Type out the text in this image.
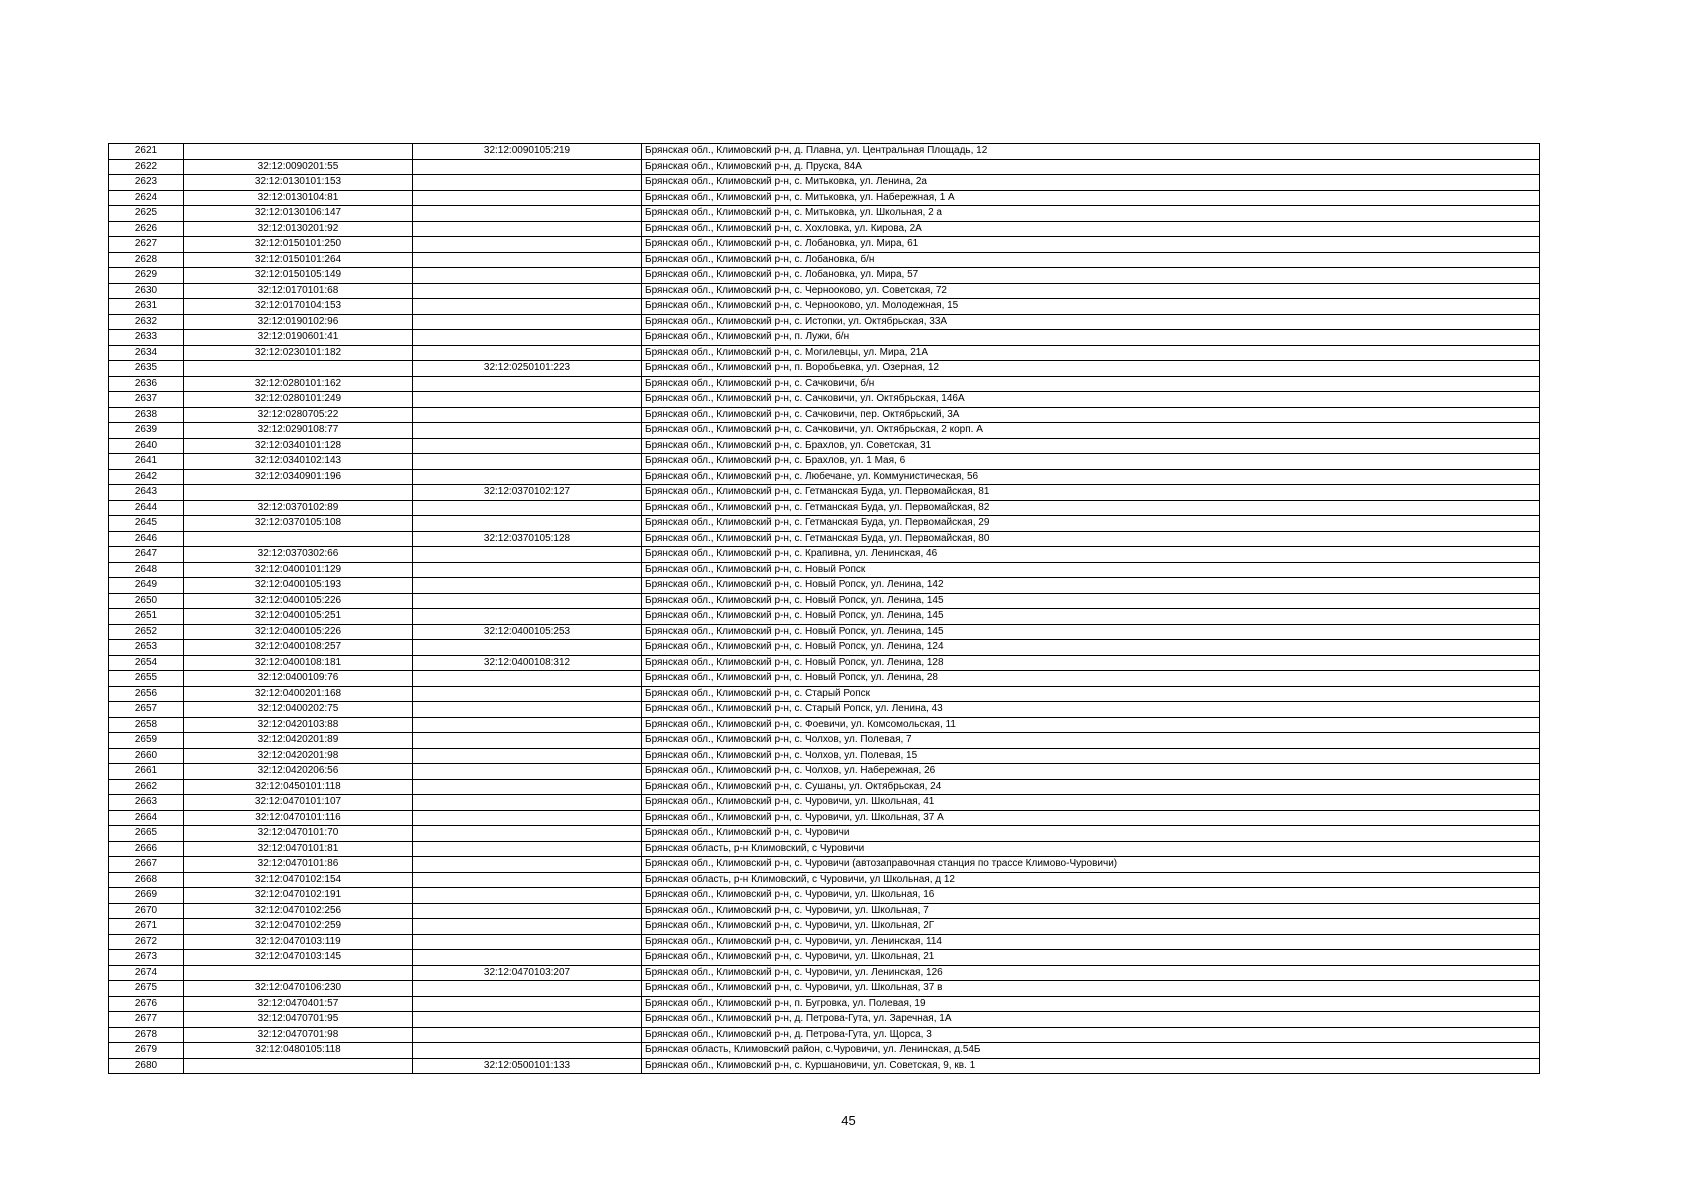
2621		32:12:0090105:219	Брянская обл., Климовский р-н, д. Плавна, ул. Центральная Площадь, 12
2622	32:12:0090201:55		Брянская обл., Климовский р-н, д. Пруска, 84А
2623	32:12:0130101:153		Брянская обл., Климовский р-н, с. Митьковка, ул. Ленина, 2а
2624	32:12:0130104:81		Брянская обл., Климовский р-н, с. Митьковка, ул. Набережная, 1 А
2625	32:12:0130106:147		Брянская обл., Климовский р-н, с. Митьковка, ул. Школьная, 2 а
2626	32:12:0130201:92		Брянская обл., Климовский р-н, с. Хохловка, ул. Кирова, 2А
2627	32:12:0150101:250		Брянская обл., Климовский р-н, с. Лобановка, ул. Мира, 61
2628	32:12:0150101:264		Брянская обл., Климовский р-н, с. Лобановка, б/н
2629	32:12:0150105:149		Брянская обл., Климовский р-н, с. Лобановка, ул. Мира, 57
2630	32:12:0170101:68		Брянская обл., Климовский р-н, с. Чернооково, ул. Советская, 72
2631	32:12:0170104:153		Брянская обл., Климовский р-н, с. Чернооково, ул. Молодежная, 15
2632	32:12:0190102:96		Брянская обл., Климовский р-н, с. Истопки, ул. Октябрьская, 33А
2633	32:12:0190601:41		Брянская обл., Климовский р-н, п. Лужи, б/н
2634	32:12:0230101:182		Брянская обл., Климовский р-н, с. Могилевцы, ул. Мира, 21А
2635		32:12:0250101:223	Брянская обл., Климовский р-н, п. Воробьевка, ул. Озерная, 12
2636	32:12:0280101:162		Брянская обл., Климовский р-н, с. Сачковичи, б/н
2637	32:12:0280101:249		Брянская обл., Климовский р-н, с. Сачковичи, ул. Октябрьская, 146А
2638	32:12:0280705:22		Брянская обл., Климовский р-н, с. Сачковичи, пер. Октябрьский, 3А
2639	32:12:0290108:77		Брянская обл., Климовский р-н, с. Сачковичи, ул. Октябрьская, 2 корп. А
2640	32:12:0340101:128		Брянская обл., Климовский р-н, с. Брахлов, ул. Советская, 31
2641	32:12:0340102:143		Брянская обл., Климовский р-н, с. Брахлов, ул. 1 Мая, 6
2642	32:12:0340901:196		Брянская обл., Климовский р-н, с. Любечане, ул. Коммунистическая, 56
2643		32:12:0370102:127	Брянская обл., Климовский р-н, с. Гетманская Буда, ул. Первомайская, 81
2644	32:12:0370102:89		Брянская обл., Климовский р-н, с. Гетманская Буда, ул. Первомайская, 82
2645	32:12:0370105:108		Брянская обл., Климовский р-н, с. Гетманская Буда, ул. Первомайская, 29
2646		32:12:0370105:128	Брянская обл., Климовский р-н, с. Гетманская Буда, ул. Первомайская, 80
2647	32:12:0370302:66		Брянская обл., Климовский р-н, с. Крапивна, ул. Ленинская, 46
2648	32:12:0400101:129		Брянская обл., Климовский р-н, с. Новый Ропск
2649	32:12:0400105:193		Брянская обл., Климовский р-н, с. Новый Ропск, ул. Ленина, 142
2650	32:12:0400105:226		Брянская обл., Климовский р-н, с. Новый Ропск, ул. Ленина, 145
2651	32:12:0400105:251		Брянская обл., Климовский р-н, с. Новый Ропск, ул. Ленина, 145
2652	32:12:0400105:226	32:12:0400105:253	Брянская обл., Климовский р-н, с. Новый Ропск, ул. Ленина, 145
2653	32:12:0400108:257		Брянская обл., Климовский р-н, с. Новый Ропск, ул. Ленина, 124
2654	32:12:0400108:181	32:12:0400108:312	Брянская обл., Климовский р-н, с. Новый Ропск, ул. Ленина, 128
2655	32:12:0400109:76		Брянская обл., Климовский р-н, с. Новый Ропск, ул. Ленина, 28
2656	32:12:0400201:168		Брянская обл., Климовский р-н, с. Старый Ропск
2657	32:12:0400202:75		Брянская обл., Климовский р-н, с. Старый Ропск, ул. Ленина, 43
2658	32:12:0420103:88		Брянская обл., Климовский р-н, с. Фоевичи, ул. Комсомольская, 11
2659	32:12:0420201:89		Брянская обл., Климовский р-н, с. Чолхов, ул. Полевая, 7
2660	32:12:0420201:98		Брянская обл., Климовский р-н, с. Чолхов, ул. Полевая, 15
2661	32:12:0420206:56		Брянская обл., Климовский р-н, с. Чолхов, ул. Набережная, 26
2662	32:12:0450101:118		Брянская обл., Климовский р-н, с. Сушаны, ул. Октябрьская, 24
2663	32:12:0470101:107		Брянская обл., Климовский р-н, с. Чуровичи, ул. Школьная, 41
2664	32:12:0470101:116		Брянская обл., Климовский р-н, с. Чуровичи, ул. Школьная, 37 А
2665	32:12:0470101:70		Брянская обл., Климовский р-н, с. Чуровичи
2666	32:12:0470101:81		Брянская область, р-н Климовский, с Чуровичи
2667	32:12:0470101:86		Брянская обл., Климовский р-н, с. Чуровичи (автозаправочная станция по трассе Климово-Чуровичи)
2668	32:12:0470102:154		Брянская область, р-н Климовский, с Чуровичи, ул Школьная, д 12
2669	32:12:0470102:191		Брянская обл., Климовский р-н, с. Чуровичи, ул. Школьная, 16
2670	32:12:0470102:256		Брянская обл., Климовский р-н, с. Чуровичи, ул. Школьная, 7
2671	32:12:0470102:259		Брянская обл., Климовский р-н, с. Чуровичи, ул. Школьная, 2Г
2672	32:12:0470103:119		Брянская обл., Климовский р-н, с. Чуровичи, ул. Ленинская, 114
2673	32:12:0470103:145		Брянская обл., Климовский р-н, с. Чуровичи, ул. Школьная, 21
2674		32:12:0470103:207	Брянская обл., Климовский р-н, с. Чуровичи, ул. Ленинская, 126
2675	32:12:0470106:230		Брянская обл., Климовский р-н, с. Чуровичи, ул. Школьная, 37 в
2676	32:12:0470401:57		Брянская обл., Климовский р-н, п. Бугровка, ул. Полевая, 19
2677	32:12:0470701:95		Брянская обл., Климовский р-н, д. Петрова-Гута, ул. Заречная, 1А
2678	32:12:0470701:98		Брянская обл., Климовский р-н, д. Петрова-Гута, ул. Щорса, 3
2679	32:12:0480105:118		Брянская область, Климовский район, с.Чуровичи, ул. Ленинская, д.54Б
2680		32:12:0500101:133	Брянская обл., Климовский р-н, с. Куршановичи, ул. Советская, 9, кв. 1
45
